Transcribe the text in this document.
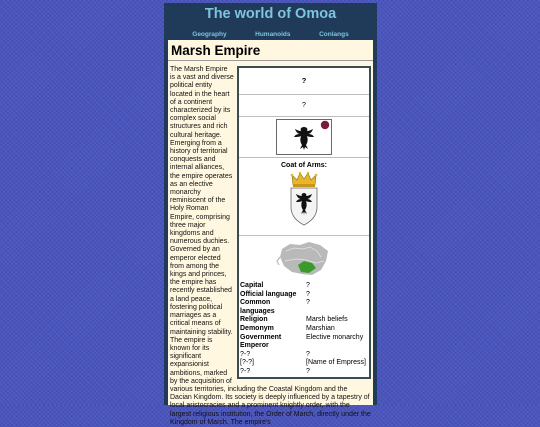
The world of Omoa
Geography	Humanoids	Conlangs
Marsh Empire
?
?
Coat of Arms:
Capital	?
Official language	?
Common languages	?
Religion	Marsh beliefs
Demonym	Marshian
Government	Elective monarchy
Emperor	
?-?	?
[?-?]	[Name of Empress]
?-?	?
The Marsh Empire is a vast and diverse political entity located in the heart of a continent characterized by its complex social structures and rich cultural heritage. Emerging from a history of territorial conquests and internal alliances, the empire operates as an elective monarchy reminiscent of the Holy Roman Empire, comprising three major kingdoms and numerous duchies. Governed by an emperor elected from among the kings and princes, the empire has recently established a land peace, fostering political marriages as a critical means of maintaining stability. The empire is known for its significant expansionist ambitions, marked by the acquisition of various territories, including the Coastal Kingdom and the Dacian Kingdom. Its society is deeply influenced by a tapestry of local aristocracies and a prominent knightly order, with the largest religious institution, the Order of March, directly under the Kingdom of March. The empire's
